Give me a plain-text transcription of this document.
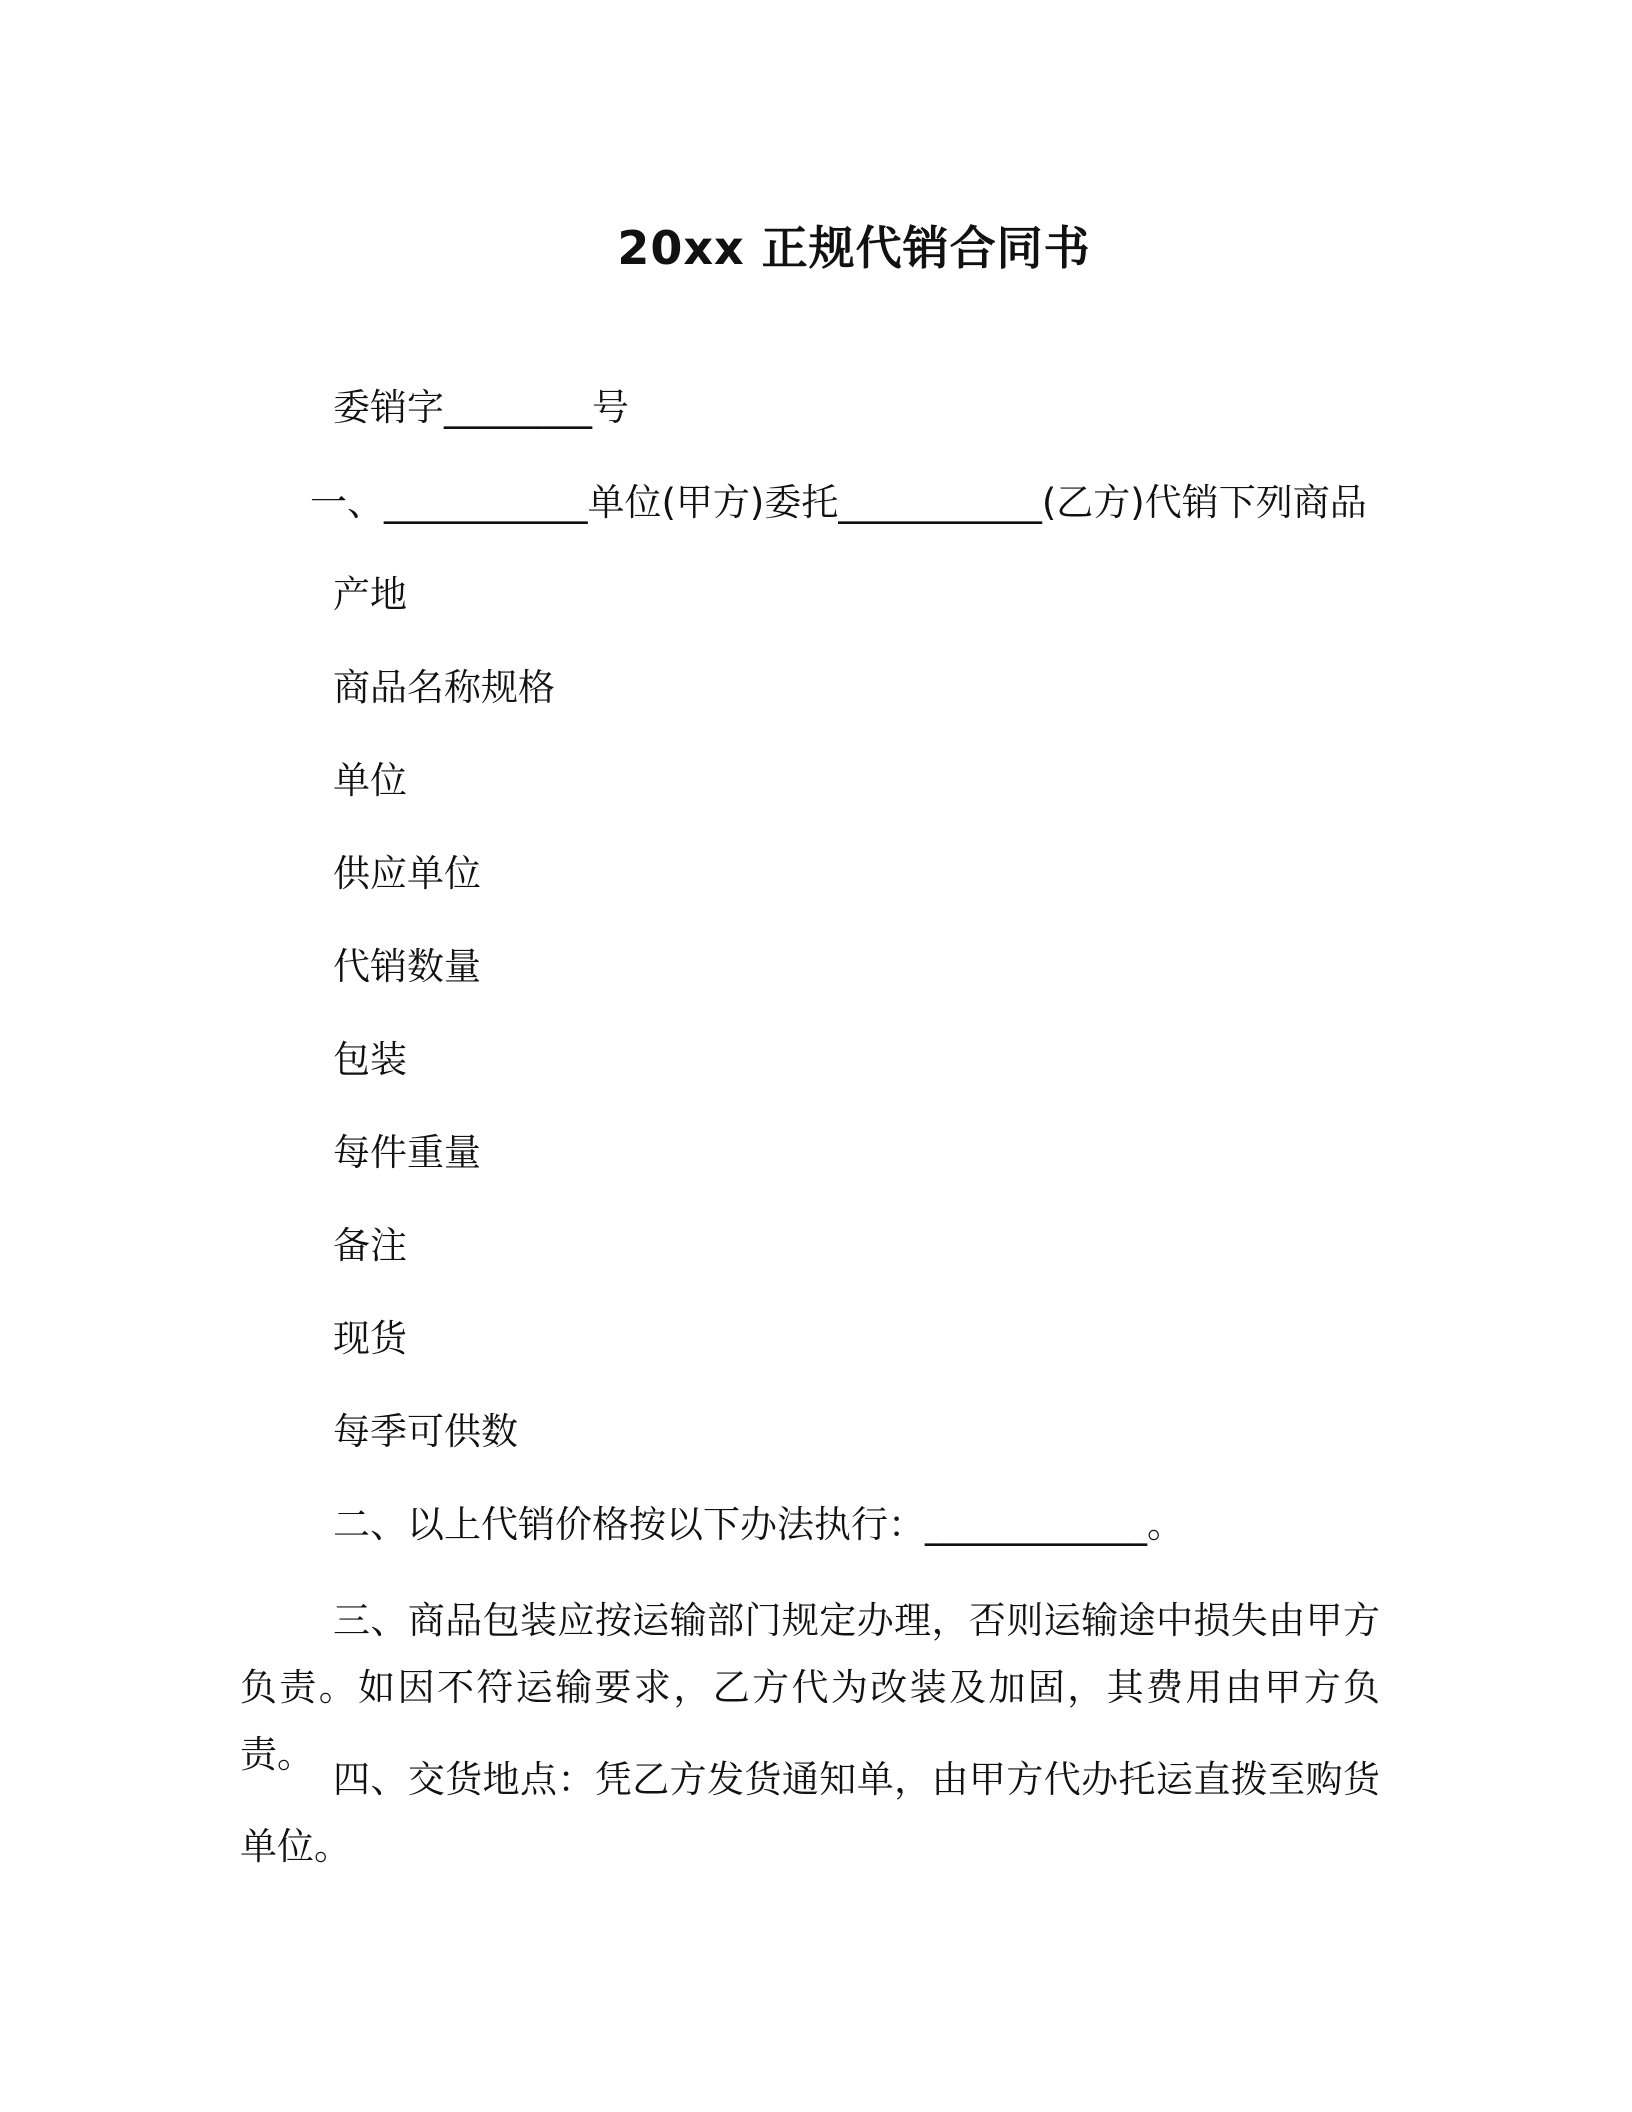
20xx 正规代销合同书
委销字________号
一、___________单位(甲方)委托___________(乙方)代销下列商品
产地
商品名称规格
单位
供应单位
代销数量
包装
每件重量
备注
现货
每季可供数
二、以上代销价格按以下办法执行：____________。
三、商品包装应按运输部门规定办理，否则运输途中损失由甲方负责。如因不符运输要求，乙方代为改装及加固，其费用由甲方负责。
四、交货地点：凭乙方发货通知单，由甲方代办托运直拨至购货单位。
